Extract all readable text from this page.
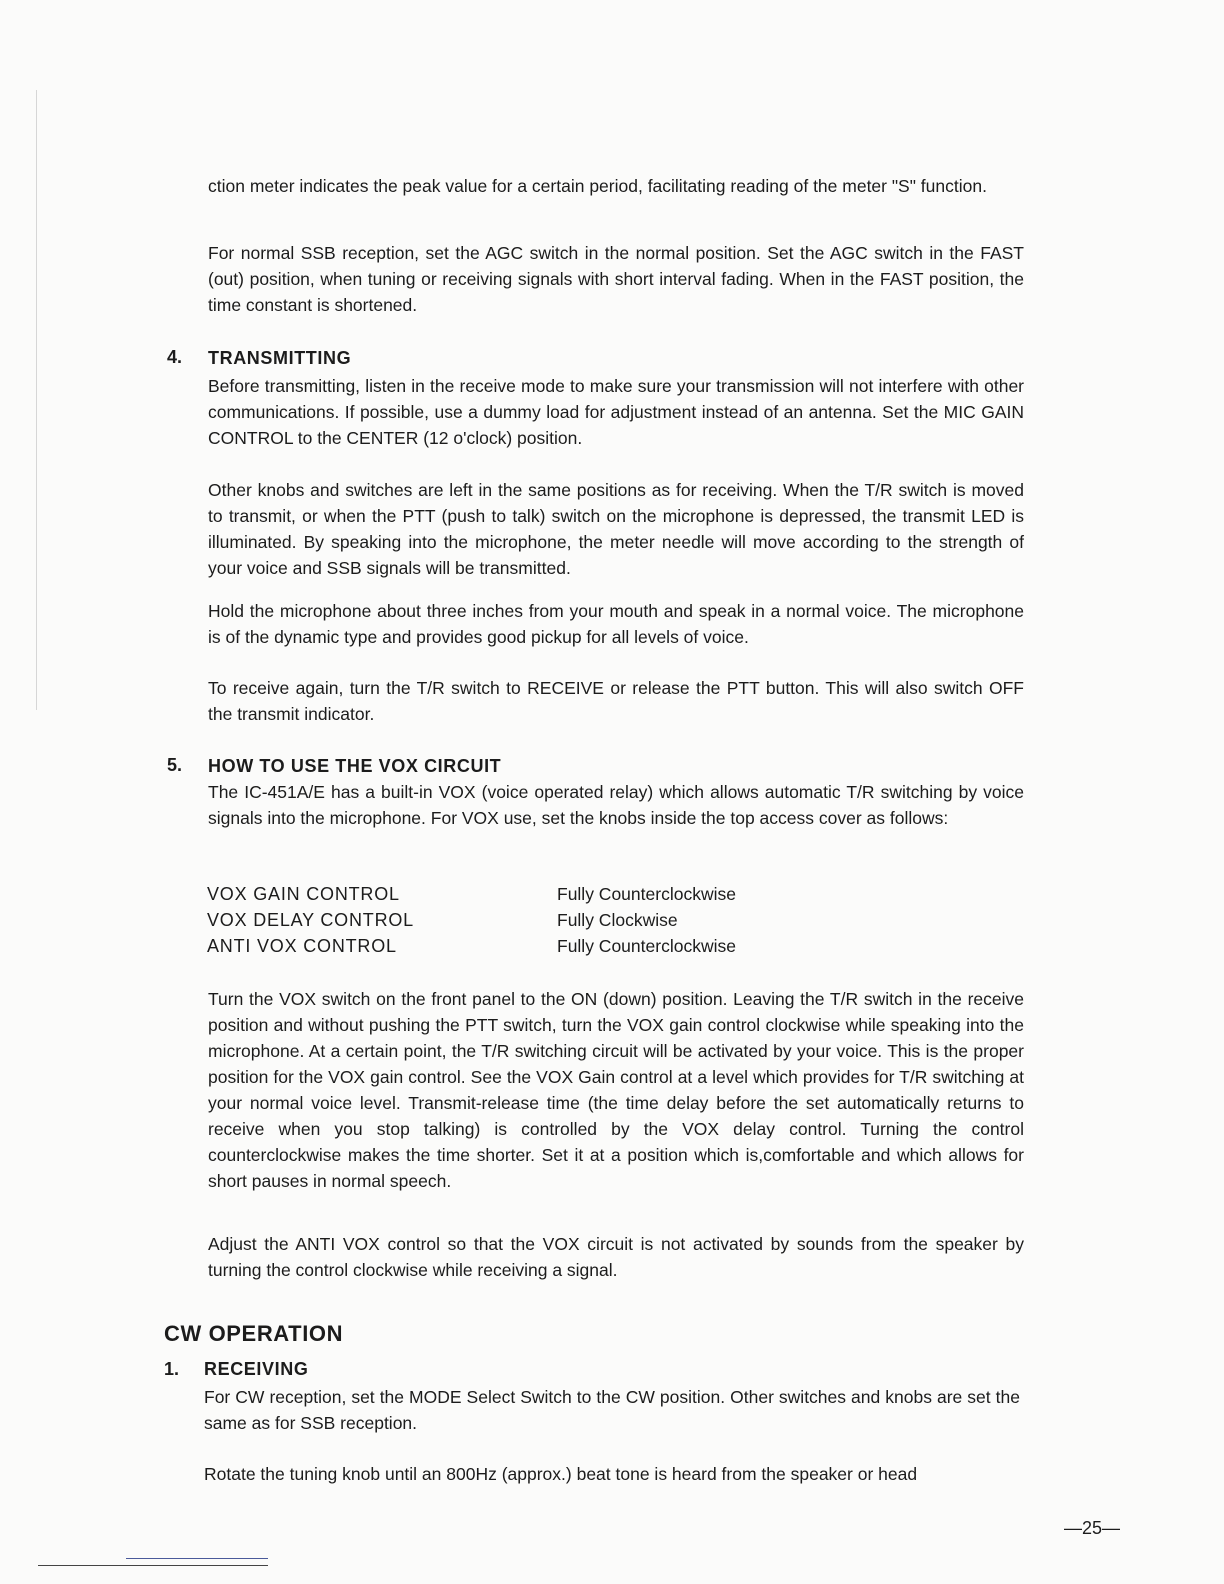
ction meter indicates the peak value for a certain period, facilitating reading of the meter "S" function.

For normal SSB reception, set the AGC switch in the normal position. Set the AGC switch in the FAST (out) position, when tuning or receiving signals with short interval fading. When in the FAST position, the time constant is shortened.

4. TRANSMITTING

Before transmitting, listen in the receive mode to make sure your transmission will not interfere with other communications. If possible, use a dummy load for adjustment instead of an antenna. Set the MIC GAIN CONTROL to the CENTER (12 o'clock) position.

Other knobs and switches are left in the same positions as for receiving. When the T/R switch is moved to transmit, or when the PTT (push to talk) switch on the microphone is depressed, the transmit LED is illuminated. By speaking into the microphone, the meter needle will move according to the strength of your voice and SSB signals will be transmitted.

Hold the microphone about three inches from your mouth and speak in a normal voice. The microphone is of the dynamic type and provides good pickup for all levels of voice.

To receive again, turn the T/R switch to RECEIVE or release the PTT button. This will also switch OFF the transmit indicator.

5. HOW TO USE THE VOX CIRCUIT

The IC-451A/E has a built-in VOX (voice operated relay) which allows automatic T/R switching by voice signals into the microphone. For VOX use, set the knobs inside the top access cover as follows:

VOX GAIN CONTROL	Fully Counterclockwise
VOX DELAY CONTROL	Fully Clockwise
ANTI VOX CONTROL	Fully Counterclockwise

Turn the VOX switch on the front panel to the ON (down) position. Leaving the T/R switch in the receive position and without pushing the PTT switch, turn the VOX gain control clockwise while speaking into the microphone. At a certain point, the T/R switching circuit will be activated by your voice. This is the proper position for the VOX gain control. See the VOX Gain control at a level which provides for T/R switching at your normal voice level. Transmit-release time (the time delay before the set automatically returns to receive when you stop talking) is controlled by the VOX delay control. Turning the control counterclockwise makes the time shorter. Set it at a position which is,comfortable and which allows for short pauses in normal speech.

Adjust the ANTI VOX control so that the VOX circuit is not activated by sounds from the speaker by turning the control clockwise while receiving a signal.

CW OPERATION
1. RECEIVING

For CW reception, set the MODE Select Switch to the CW position. Other switches and knobs are set the same as for SSB reception.

Rotate the tuning knob until an 800Hz (approx.) beat tone is heard from the speaker or head

—25—
